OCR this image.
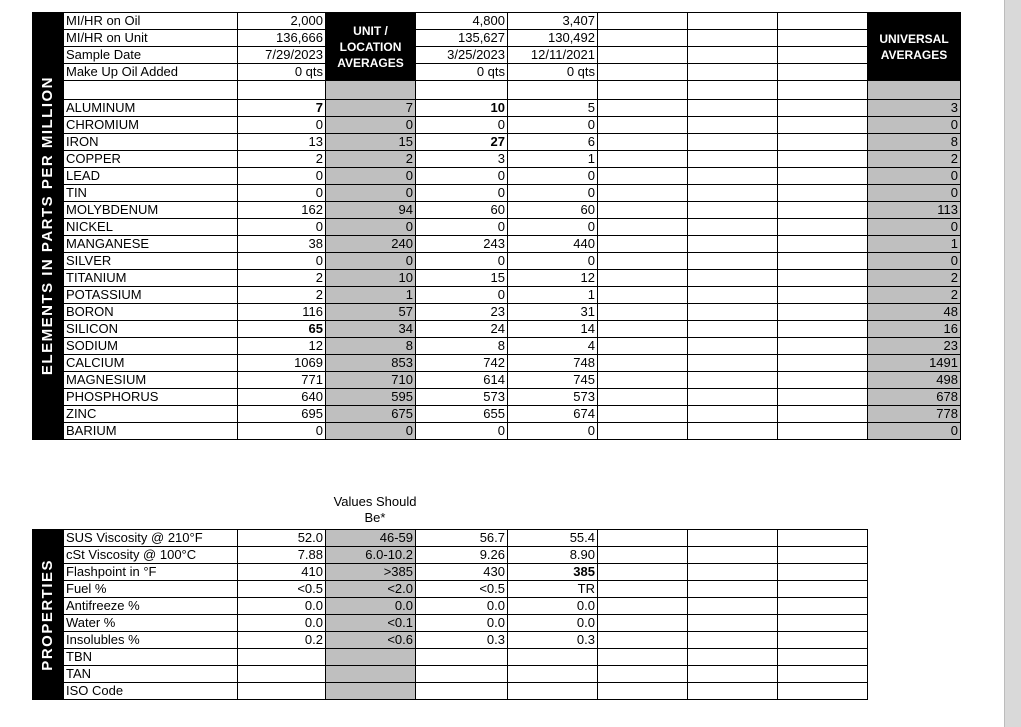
ELEMENTS IN PARTS PER MILLION	MI/HR on Oil	2,000	UNIT / LOCATION AVERAGES	4,800	3,407				UNIVERSAL AVERAGES
	MI/HR on Unit	136,666		135,627	130,492				
	Sample Date	7/29/2023		3/25/2023	12/11/2021				
	Make Up Oil Added	0 qts		0 qts	0 qts				

	ALUMINUM	7	7	10	5				3
	CHROMIUM	0	0	0	0				0
	IRON	13	15	27	6				8
	COPPER	2	2	3	1				2
	LEAD	0	0	0	0				0
	TIN	0	0	0	0				0
	MOLYBDENUM	162	94	60	60				113
	NICKEL	0	0	0	0				0
	MANGANESE	38	240	243	440				1
	SILVER	0	0	0	0				0
	TITANIUM	2	10	15	12				2
	POTASSIUM	2	1	0	1				2
	BORON	116	57	23	31				48
	SILICON	65	34	24	14				16
	SODIUM	12	8	8	4				23
	CALCIUM	1069	853	742	748				1491
	MAGNESIUM	771	710	614	745				498
	PHOSPHORUS	640	595	573	573				678
	ZINC	695	675	655	674				778
	BARIUM	0	0	0	0				0
Values Should Be*
PROPERTIES	SUS Viscosity @ 210°F	52.0	46-59	56.7	55.4			
	cSt Viscosity @ 100°C	7.88	6.0-10.2	9.26	8.90			
	Flashpoint in °F	410	>385	430	385			
	Fuel %	<0.5	<2.0	<0.5	TR			
	Antifreeze %	0.0	0.0	0.0	0.0			
	Water %	0.0	<0.1	0.0	0.0			
	Insolubles %	0.2	<0.6	0.3	0.3			
	TBN							
	TAN							
	ISO Code							
